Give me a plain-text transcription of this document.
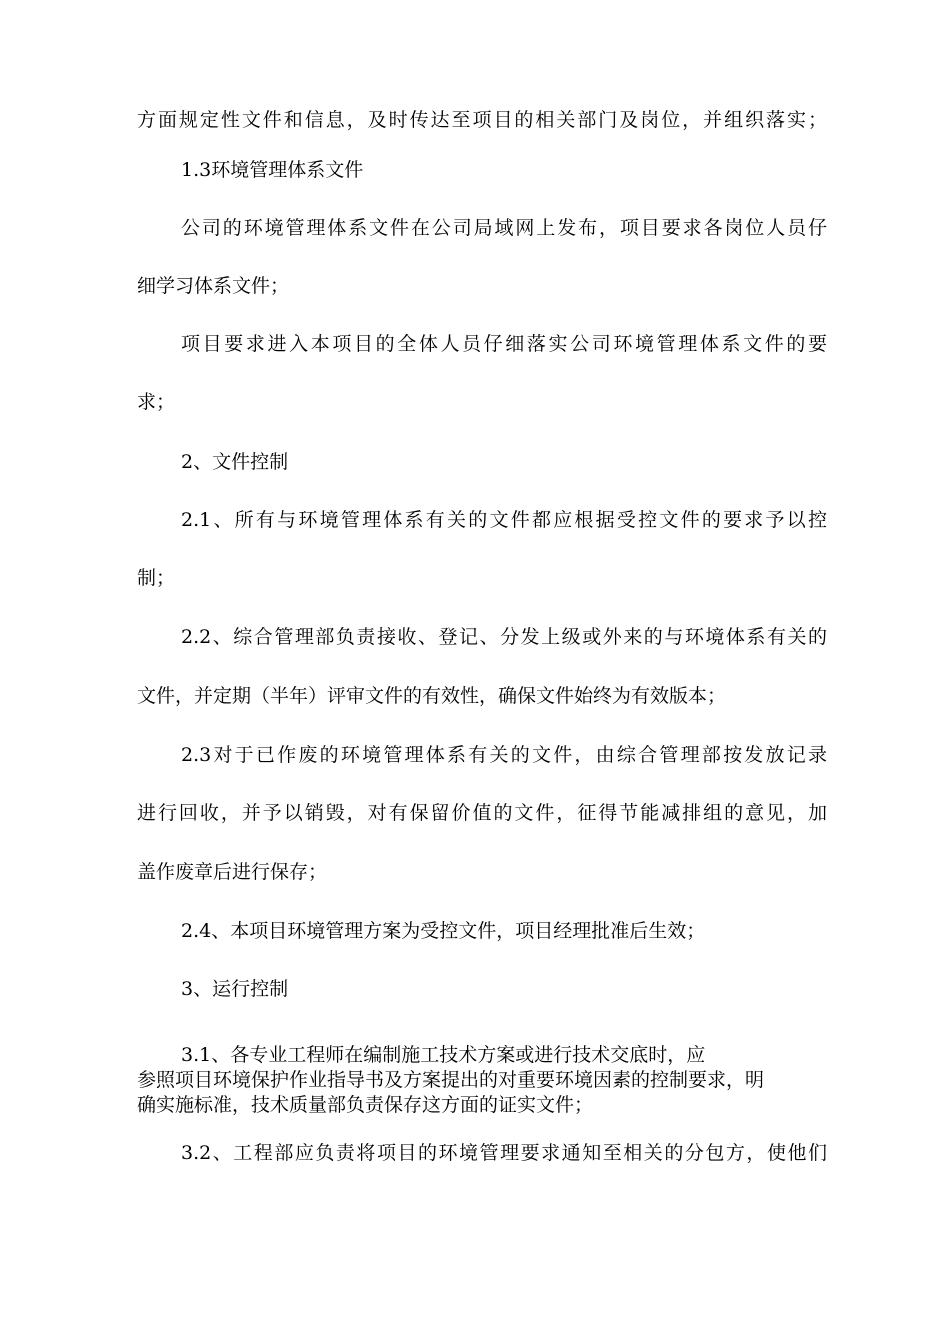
方面规定性文件和信息，及时传达至项目的相关部门及岗位，并组织落实；
1.3环境管理体系文件
公司的环境管理体系文件在公司局域网上发布，项目要求各岗位人员仔
细学习体系文件；
项目要求进入本项目的全体人员仔细落实公司环境管理体系文件的要
求；
2、文件控制
2.1、所有与环境管理体系有关的文件都应根据受控文件的要求予以控
制；
2.2、综合管理部负责接收、登记、分发上级或外来的与环境体系有关的
文件，并定期（半年）评审文件的有效性，确保文件始终为有效版本；
2.3对于已作废的环境管理体系有关的文件，由综合管理部按发放记录
进行回收，并予以销毁，对有保留价值的文件，征得节能减排组的意见，加
盖作废章后进行保存；
2.4、本项目环境管理方案为受控文件，项目经理批准后生效；
3、运行控制
3.1、各专业工程师在编制施工技术方案或进行技术交底时，应
参照项目环境保护作业指导书及方案提出的对重要环境因素的控制要求，明
确实施标准，技术质量部负责保存这方面的证实文件；
3.2、工程部应负责将项目的环境管理要求通知至相关的分包方，使他们
